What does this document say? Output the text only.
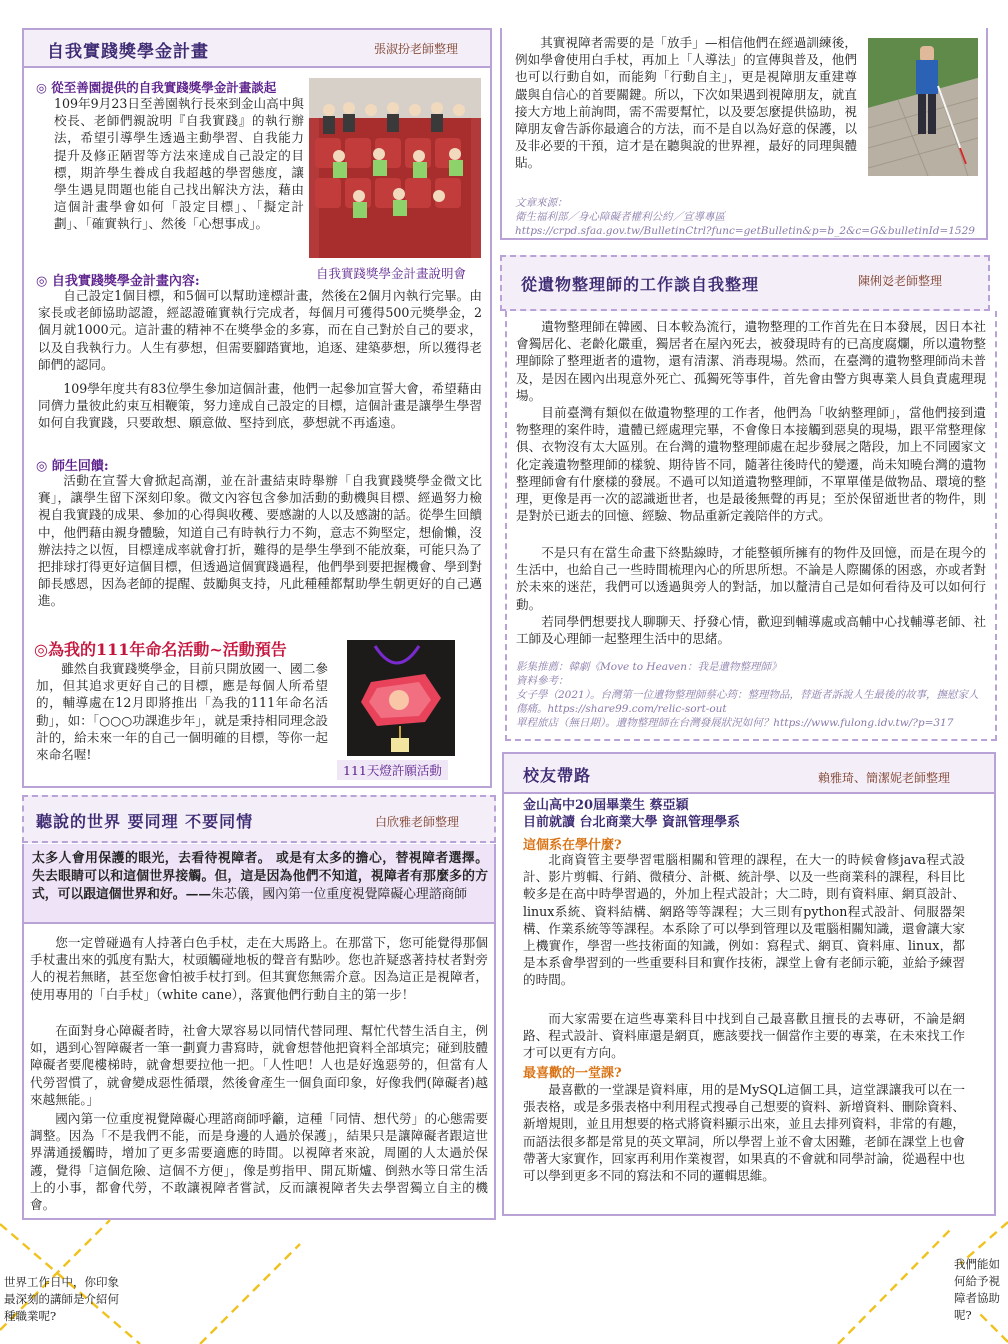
自我實踐獎學金計畫	張淑扮老師整理

◎ 從至善園提供的自我實踐獎學金計畫談起

109年9月23日至善園執行長來到金山高中與校長、老師們親說明『自我實踐』的執行辦法，希望引導學生透過主動學習、自我能力提升及修正陋習等方法來達成自己設定的目標，期許學生養成自我超越的學習態度，讓學生遇見問題也能自己找出解決方法，藉由這個計畫學會如何「設定目標」、「擬定計劃」、「確實執行」、然後「心想事成」。

自我實踐獎學金計畫說明會

◎ 自我實踐獎學金計畫內容:

自己設定1個目標，和5個可以幫助達標計畫，然後在2個月內執行完畢。由家長或老師協助認證，經認證確實執行完成者，每個月可獲得500元獎學金，2個月就1000元。這計畫的精神不在獎學金的多寡，而在自己對於自己的要求，以及自我執行力。人生有夢想，但需要腳踏實地，追逐、建築夢想，所以獲得老師們的認同。

109學年度共有83位學生參加這個計畫，他們一起參加宣誓大會，希望藉由同儕力量彼此約束互相鞭策，努力達成自己設定的目標，這個計畫是讓學生學習如何自我實踐，只要敢想、願意做、堅持到底，夢想就不再遙遠。

◎ 師生回饋:

活動在宣誓大會掀起高潮，並在計畫結束時舉辦「自我實踐獎學金微文比賽」，讓學生留下深刻印象。微文內容包含參加活動的動機與目標、經過努力檢視自我實踐的成果、參加的心得與收穫、要感謝的人以及感謝的話。從學生回饋中，他們藉由親身體驗，知道自己有時執行力不夠，意志不夠堅定，想偷懶，沒辦法持之以恆，目標達成率就會打折，難得的是學生學到不能放棄，可能只為了把排球打得更好這個目標，但透過這個實踐過程，他們學到要把握機會、學到對師長感恩，因為老師的提醒、鼓勵與支持，凡此種種都幫助學生朝更好的自己邁進。

◎為我的111年命名活動~活動預告

雖然自我實踐獎學金，目前只開放國一、國二參加，但其追求更好自己的目標，應是每個人所希望的，輔導處在12月即將推出「為我的111年命名活動」，如：「○○○功課進步年」，就是秉持相同理念設計的，給未來一年的自己一個明確的目標，等你一起來命名喔!

111天燈許願活動
聽說的世界 要同理 不要同情	白欣雅老師整理

太多人會用保護的眼光，去看待視障者。 或是有太多的擔心，替視障者選擇。 失去眼睛可以和這個世界接觸。但，這是因為他們不知道，視障者有那麼多的方式，可以跟這個世界和好。——朱芯儀，國內第一位重度視覺障礙心理諮商師

您一定曾碰過有人持著白色手杖，走在大馬路上。在那當下，您可能覺得那個手杖畫出來的弧度有點大，杖頭觸碰地板的聲音有點吵。您也許疑惑著持杖者對旁人的視若無睹，甚至您會怕被手杖打到。但其實您無需介意。因為這正是視障者，使用專用的「白手杖」（white cane），落實他們行動自主的第一步！

在面對身心障礙者時，社會大眾容易以同情代替同理、幫忙代替生活自主，例如，遇到心智障礙者一筆一劃賣力書寫時，就會想替他把資料全部填完；碰到肢體障礙者要爬樓梯時，就會想要拉他一把。「人性吧！人也是好逸惡勞的，但當有人代勞習慣了，就會變成惡性循環，然後會產生一個負面印象，好像我們(障礙者)越來越無能。」

國內第一位重度視覺障礙心理諮商師呼籲，這種「同情、想代勞」的心態需要調整。因為「不是我們不能，而是身邊的人過於保護」，結果只是讓障礙者跟這世界溝通援觸時，增加了更多需要適應的時間。以視障者來說，周圍的人太過於保護，覺得「這個危險、這個不方便」，像是剪指甲、開瓦斯爐、倒熱水等日常生活上的小事，都會代勞，不敢讓視障者嘗試，反而讓視障者失去學習獨立自主的機會。

其實視障者需要的是「放手」—相信他們在經過訓練後，例如學會使用白手杖，再加上「人導法」的宣傳與普及，他們也可以行動自如，而能夠「行動自主」，更是視障朋友重建尊嚴與自信心的首要關鍵。所以，下次如果遇到視障朋友，就直接大方地上前詢問，需不需要幫忙，以及要怎麼提供協助，視障朋友會告訴你最適合的方法，而不是自以為好意的保護，以及非必要的干預，這才是在聽與說的世界裡，最好的同理與體貼。

文章來源：
衛生福利部／身心障礙者權利公約／宣導專區
https://crpd.sfaa.gov.tw/BulletinCtrl?func=getBulletin&p=b_2&c=G&bulletinId=1529

從遺物整理師的工作談自我整理	陳俐彣老師整理

遺物整理師在韓國、日本較為流行，遺物整理的工作首先在日本發展，因日本社會獨居化、老齡化嚴重，獨居者在屋內死去，被發現時有的已高度腐爛，所以遺物整理師除了整理逝者的遺物，還有清潔、消毒現場。然而，在臺灣的遺物整理師尚未普及，是因在國內出現意外死亡、孤獨死等事件，首先會由警方與專業人員負責處理現場。

目前臺灣有類似在做遺物整理的工作者，他們為「收納整理師」，當他們接到遺物整理的案件時，遺體已經處理完畢，不會像日本接觸到惡臭的現場，跟平常整理傢俱、衣物沒有太大區別。在台灣的遺物整理師處在起步發展之階段，加上不同國家文化定義遺物整理師的樣貌、期待皆不同，隨著往後時代的變遷，尚未知曉台灣的遺物整理師會有什麼樣的發展。不過可以知道遺物整理師，不單單僅是做物品、環境的整理，更像是再一次的認識逝世者，也是最後無聲的再見；至於保留逝世者的物件，則是對於已逝去的回憶、經驗、物品重新定義陪伴的方式。

不是只有在當生命畫下終點線時，才能整頓所擁有的物件及回憶，而是在現今的生活中，也給自己一些時間梳理內心的所思所想。不論是人際關係的困惑，亦或者對於未來的迷茫，我們可以透過與旁人的對話，加以釐清自己是如何看待及可以如何行動。

若同學們想要找人聊聊天、抒發心情，歡迎到輔導處或高輔中心找輔導老師、社工師及心理師一起整理生活中的思緒。

影集推薦：韓劇《Move to Heaven：我是遺物整理師》
資料參考：
女子學（2021）。台灣第一位遺物整理師蔡心筠：整理物品，替逝者訴說人生最後的故事，撫慰家人傷痛。https://share99.com/relic-sort-out
單程旅店（無日期）。遺物整理師在台灣發展狀況如何？https://www.fulong.idv.tw/?p=317

校友帶路	賴雅琦、簡潔妮老師整理

金山高中20屆畢業生 蔡亞穎

目前就讀 台北商業大學 資訊管理學系

這個系在學什麼?

北商資管主要學習電腦相關和管理的課程，在大一的時候會修java程式設計、影片剪輯、行銷、微積分、計概、統計學、以及一些商業科的課程，科目比較多是在高中時學習過的，外加上程式設計；大二時，則有資料庫、網頁設計、linux系統、資料結構、網路等等課程；大三則有python程式設計、伺服器架構、作業系統等等課程。本系除了可以學到管理以及電腦相關知識，還會讓大家上機實作，學習一些技術面的知識，例如：寫程式、網頁、資料庫、linux，都是本系會學習到的一些重要科目和實作技術，課堂上會有老師示範，並給予練習的時間。

而大家需要在這些專業科目中找到自己最喜歡且擅長的去專研，不論是網路、程式設計、資料庫還是網頁，應該要找一個當作主要的專業，在未來找工作才可以更有方向。

最喜歡的一堂課?

最喜歡的一堂課是資料庫，用的是MySQL這個工具，這堂課讓我可以在一張表格，或是多張表格中利用程式搜尋自己想要的資料、新增資料、刪除資料、新增規則，並且用想要的格式將資料顯示出來，並且去排列資料，非常的有趣，而語法很多都是常見的英文單詞，所以學習上並不會太困難，老師在課堂上也會帶著大家實作，回家再利用作業複習，如果真的不會就和同學討論，從過程中也可以學到更多不同的寫法和不同的邏輯思維。

世界工作日中，你印象最深刻的講師是介紹何種職業呢?

我們能如何給予視障者協助呢?
